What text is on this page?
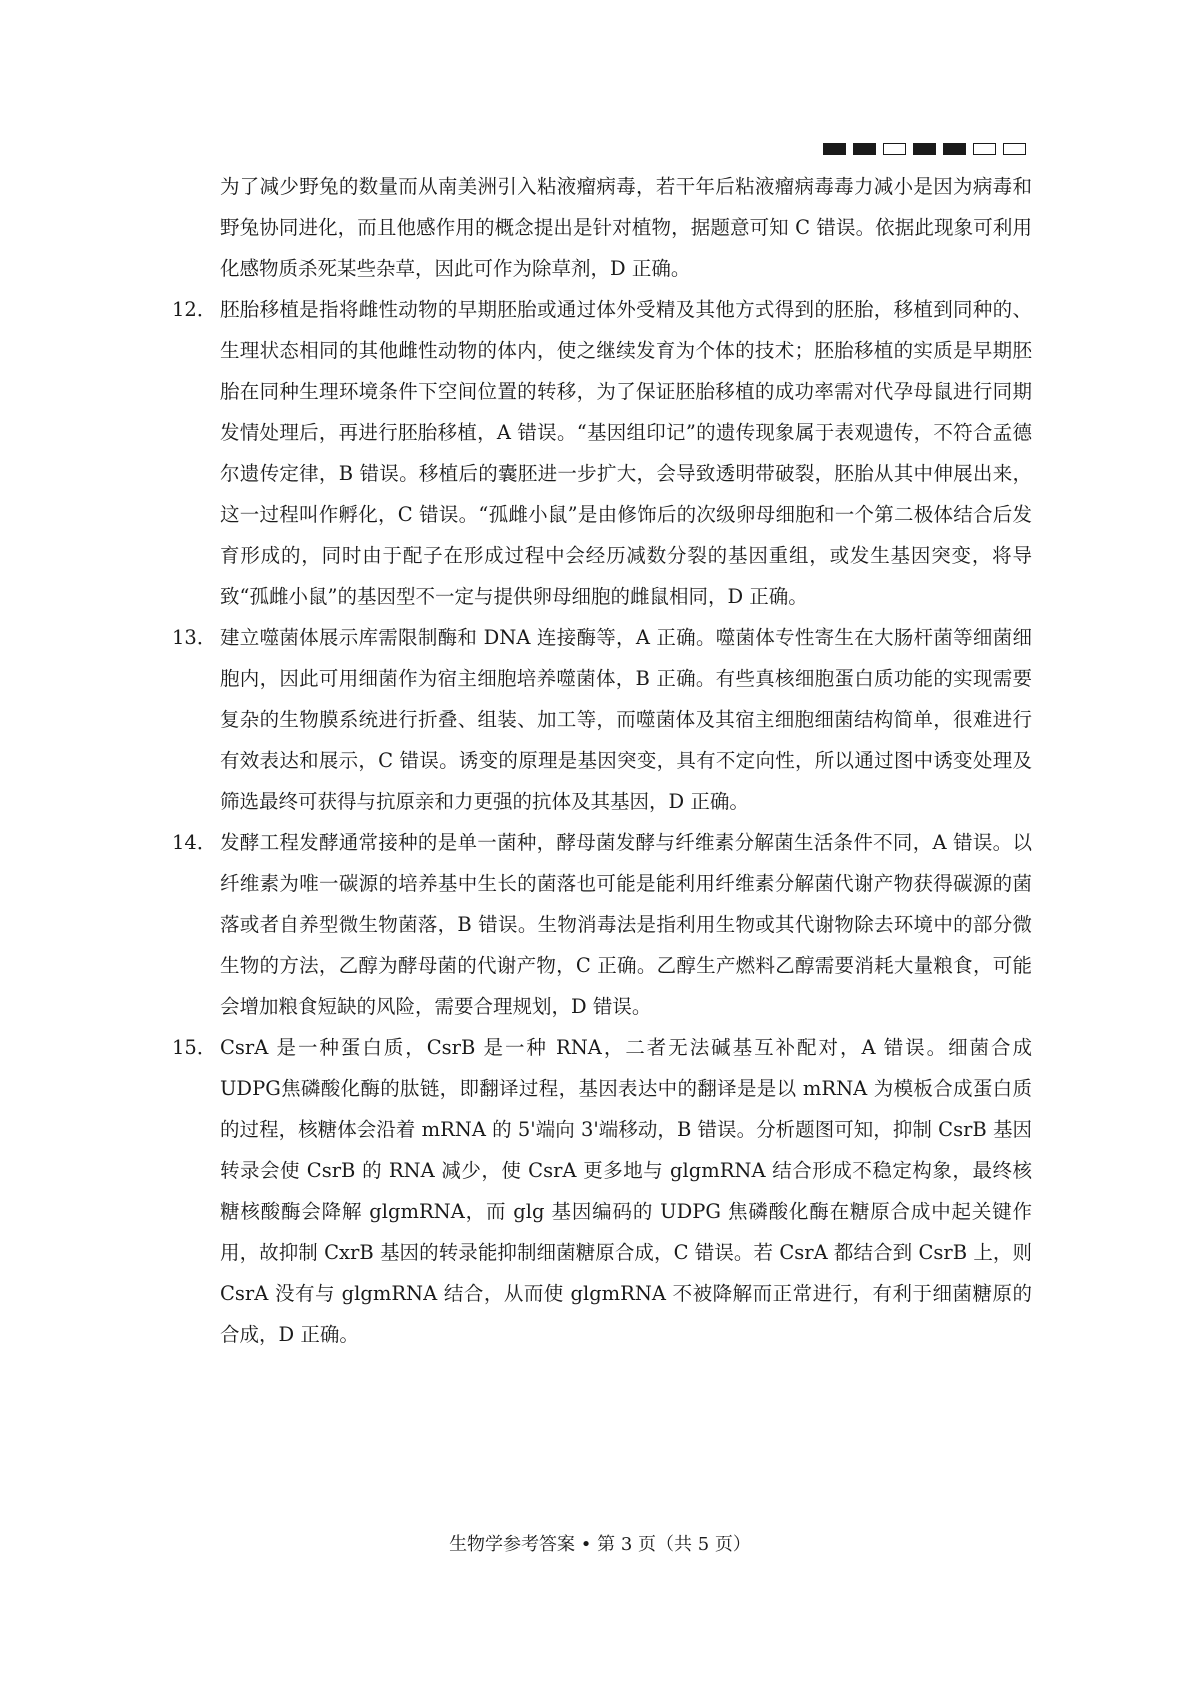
为了减少野兔的数量而从南美洲引入粘液瘤病毒，若干年后粘液瘤病毒毒力减小是因为病毒和野兔协同进化，而且他感作用的概念提出是针对植物，据题意可知 C 错误。依据此现象可利用化感物质杀死某些杂草，因此可作为除草剂，D 正确。

12． 胚胎移植是指将雌性动物的早期胚胎或通过体外受精及其他方式得到的胚胎，移植到同种的、生理状态相同的其他雌性动物的体内，使之继续发育为个体的技术；胚胎移植的实质是早期胚胎在同种生理环境条件下空间位置的转移，为了保证胚胎移植的成功率需对代孕母鼠进行同期发情处理后，再进行胚胎移植，A 错误。“基因组印记”的遗传现象属于表观遗传，不符合孟德尔遗传定律，B 错误。移植后的囊胚进一步扩大，会导致透明带破裂，胚胎从其中伸展出来，这一过程叫作孵化，C 错误。“孤雌小鼠”是由修饰后的次级卵母细胞和一个第二极体结合后发育形成的，同时由于配子在形成过程中会经历减数分裂的基因重组，或发生基因突变，将导致“孤雌小鼠”的基因型不一定与提供卵母细胞的雌鼠相同，D 正确。
13． 建立噬菌体展示库需限制酶和 DNA 连接酶等，A 正确。噬菌体专性寄生在大肠杆菌等细菌细胞内，因此可用细菌作为宿主细胞培养噬菌体，B 正确。有些真核细胞蛋白质功能的实现需要复杂的生物膜系统进行折叠、组装、加工等，而噬菌体及其宿主细胞细菌结构简单，很难进行有效表达和展示，C 错误。诱变的原理是基因突变，具有不定向性，所以通过图中诱变处理及筛选最终可获得与抗原亲和力更强的抗体及其基因，D 正确。
14． 发酵工程发酵通常接种的是单一菌种，酵母菌发酵与纤维素分解菌生活条件不同，A 错误。以纤维素为唯一碳源的培养基中生长的菌落也可能是能利用纤维素分解菌代谢产物获得碳源的菌落或者自养型微生物菌落，B 错误。生物消毒法是指利用生物或其代谢物除去环境中的部分微生物的方法，乙醇为酵母菌的代谢产物，C 正确。乙醇生产燃料乙醇需要消耗大量粮食，可能会增加粮食短缺的风险，需要合理规划，D 错误。
15． CsrA 是一种蛋白质，CsrB 是一种 RNA，二者无法碱基互补配对，A 错误。细菌合成 UDPG焦磷酸化酶的肽链，即翻译过程，基因表达中的翻译是是以 mRNA 为模板合成蛋白质的过程，核糖体会沿着 mRNA 的 5'端向 3'端移动，B 错误。分析题图可知，抑制 CsrB 基因转录会使 CsrB 的 RNA 减少，使 CsrA 更多地与 glgmRNA 结合形成不稳定构象，最终核糖核酸酶会降解 glgmRNA，而 glg 基因编码的 UDPG 焦磷酸化酶在糖原合成中起关键作用，故抑制 CxrB 基因的转录能抑制细菌糖原合成，C 错误。若 CsrA 都结合到 CsrB 上，则 CsrA 没有与 glgmRNA 结合，从而使 glgmRNA 不被降解而正常进行，有利于细菌糖原的合成，D 正确。
生物学参考答案 • 第 3 页（共 5 页）
